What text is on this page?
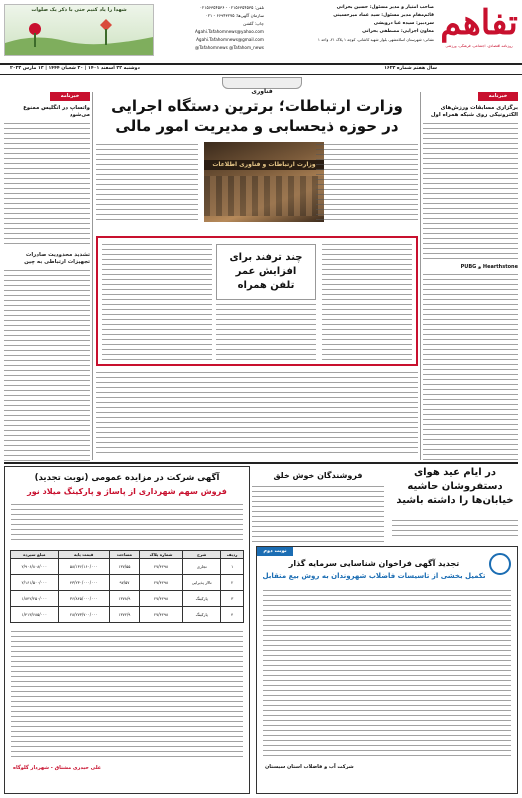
تفاهم
روزنامه اقتصادی، اجتماعی، فرهنگی، ورزشی
صاحب امتیاز و مدیر مسئول: حسین بحرانی
قائم‌مقام مدیر مسئول: سید عماد میرحسینی
سردبیر: سیده عبا درویشی
معاون اجرایی: مصطفی بحرانی
نشانی: شهرستان اسلامشهر، بلوار شهید کاشانی، کوچه ۱ پلاک ۲۱، واحد ۱
تلفن: ۰۲۱۵۶۳۵۴۵۳۵ - ۰۲۱۵۶۳۵۴۵۳۶
سازمان آگهی‌ها: ۶۶۹۴۳۲۷۵ - ۰۲۱
چاپ: گلشن
Agahi.Tafahomnews@yahoo.com
Agahi.Tafahomnews@gmail.com
@Tafahomnews @Tafahom_news
شهدا را یاد کنیم حتی با ذکر یک صلوات
سال هفتم شماره ۱۶۲۳
دوشنبه ۲۲ اسفند ۱۴۰۱ | ۲۰ شعبان ۱۴۴۴ | ۱۳ مارس ۲۰۲۳
فناوری
خبرنامه
برگزاری مسابقات ورزش‌های الکترونیکی روی شبکه همراه اول
PUBG و Hearthstone
خبرنامه
واتساپ در انگلیس ممنوع می‌شود
تشدید محدودیت صادرات تجهیزات ارتباطی به چین
وزارت ارتباطات؛ برترین دستگاه اجرایی در حوزه ذیحسابی و مدیریت امور مالی
وزارت ارتباطات و فناوری اطلاعات
چند ترفند برای افزایش عمر تلفن همراه
در ایام عید هوای دستفروشان حاشیه خیابان‌ها را داشته باشید
فروشندگان خوش خلق
آگهی شرکت در مزایده عمومی (نوبت تجدید)
فروش سهم شهرداری از پاساژ و پارکینگ میلاد نور
ردیف	شرح	شماره پلاک	مساحت	قیمت پایه	مبلغ سپرده
۱	تجاری	۲۷/۴۲۹۸	۱۳۷/۵۵	۵۸/۱۳۶/۱۶۰/۰۰۰	۲/۹۰۶/۸۰۸/۰۰۰
۲	تالار پذیرایی	۲۷/۴۲۹۸	۹۷/۵۷	۴۳/۲۳۰/۰۰۰/۰۰۰	۲/۱۶۱/۵۰۰/۰۰۰
۳	پارکینگ	۲۷/۴۲۹۸	۱۳۷۸/۹	۳۶/۸۴۵/۰۰۰/۰۰۰	۱/۸۴۲/۲۵۰/۰۰۰
۴	پارکینگ	۲۷/۴۲۹۸	۱۳۷۲/۹	۲۸/۲۷۳/۷۰۰/۰۰۰	۱/۴۱۳/۶۸۵/۰۰۰
علی حیدری مشتاق - شهردار گلوگاه
نوبت دوم
تجدید آگهی فراخوان شناسایی سرمایه گذار
تکمیل بخشی از تاسیسات فاضلاب شهروندان به روش بیع متقابل
شرکت آب و فاضلاب استان سیستان
